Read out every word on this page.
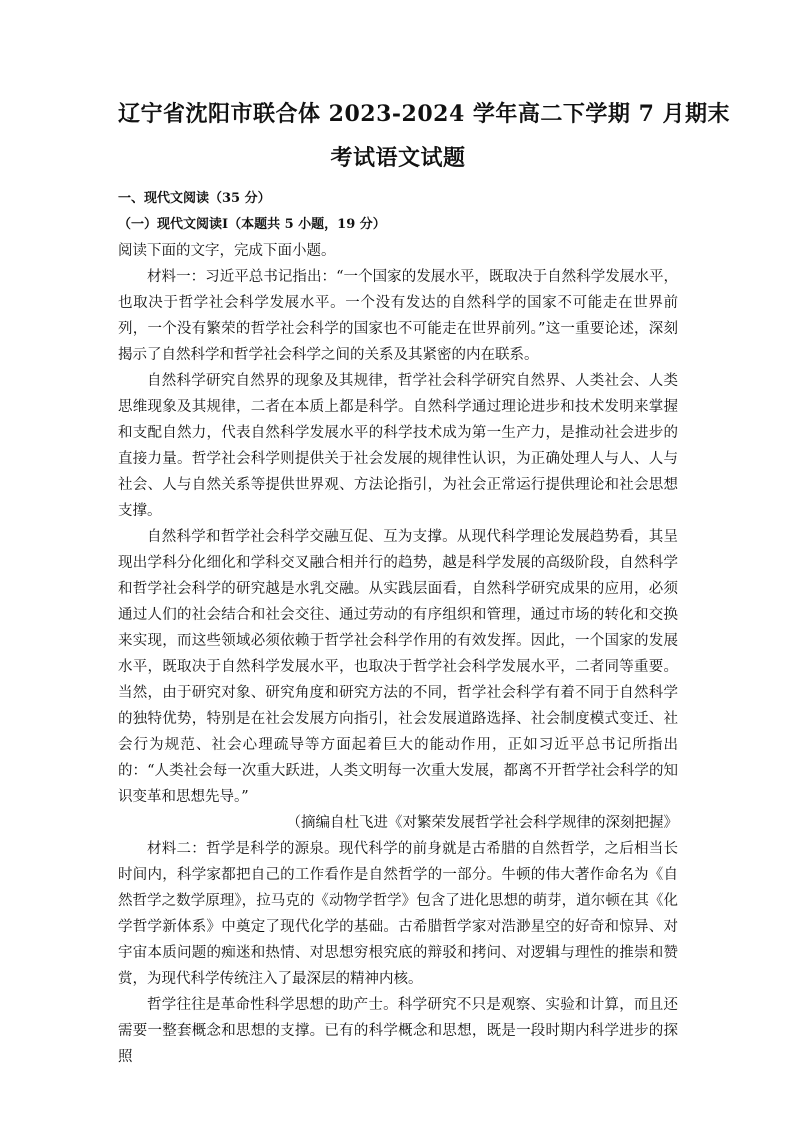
辽宁省沈阳市联合体 2023-2024 学年高二下学期 7 月期末
考试语文试题
一、现代文阅读（35 分）
（一）现代文阅读Ⅰ（本题共 5 小题，19 分）
阅读下面的文字，完成下面小题。

材料一：习近平总书记指出：“一个国家的发展水平，既取决于自然科学发展水平，也取决于哲学社会科学发展水平。一个没有发达的自然科学的国家不可能走在世界前列，一个没有繁荣的哲学社会科学的国家也不可能走在世界前列。”这一重要论述，深刻揭示了自然科学和哲学社会科学之间的关系及其紧密的内在联系。

自然科学研究自然界的现象及其规律，哲学社会科学研究自然界、人类社会、人类思维现象及其规律，二者在本质上都是科学。自然科学通过理论进步和技术发明来掌握和支配自然力，代表自然科学发展水平的科学技术成为第一生产力，是推动社会进步的直接力量。哲学社会科学则提供关于社会发展的规律性认识，为正确处理人与人、人与社会、人与自然关系等提供世界观、方法论指引，为社会正常运行提供理论和社会思想支撑。

自然科学和哲学社会科学交融互促、互为支撑。从现代科学理论发展趋势看，其呈现出学科分化细化和学科交叉融合相并行的趋势，越是科学发展的高级阶段，自然科学和哲学社会科学的研究越是水乳交融。从实践层面看，自然科学研究成果的应用，必须通过人们的社会结合和社会交往、通过劳动的有序组织和管理，通过市场的转化和交换来实现，而这些领域必须依赖于哲学社会科学作用的有效发挥。因此，一个国家的发展水平，既取决于自然科学发展水平，也取决于哲学社会科学发展水平，二者同等重要。当然，由于研究对象、研究角度和研究方法的不同，哲学社会科学有着不同于自然科学的独特优势，特别是在社会发展方向指引，社会发展道路选择、社会制度模式变迁、社会行为规范、社会心理疏导等方面起着巨大的能动作用，正如习近平总书记所指出的：“人类社会每一次重大跃进，人类文明每一次重大发展，都离不开哲学社会科学的知识变革和思想先导。”

（摘编自杜飞进《对繁荣发展哲学社会科学规律的深刻把握》

材料二：哲学是科学的源泉。现代科学的前身就是古希腊的自然哲学，之后相当长时间内，科学家都把自己的工作看作是自然哲学的一部分。牛顿的伟大著作命名为《自然哲学之数学原理》，拉马克的《动物学哲学》包含了进化思想的萌芽，道尔顿在其《化学哲学新体系》中奠定了现代化学的基础。古希腊哲学家对浩渺星空的好奇和惊异、对宇宙本质问题的痴迷和热情、对思想穷根究底的辩驳和拷问、对逻辑与理性的推崇和赞赏，为现代科学传统注入了最深层的精神内核。

哲学往往是革命性科学思想的助产士。科学研究不只是观察、实验和计算，而且还需要一整套概念和思想的支撑。已有的科学概念和思想，既是一段时期内科学进步的探照
